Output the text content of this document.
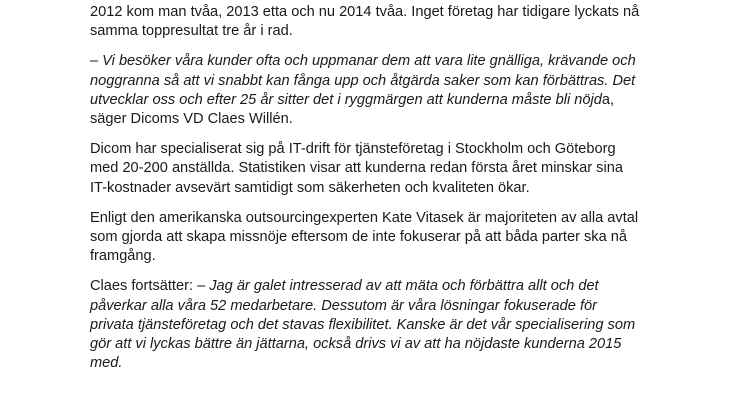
2012 kom man tvåa, 2013 etta och nu 2014 tvåa. Inget företag har tidigare lyckats nå
samma toppresultat tre år i rad.

– Vi besöker våra kunder ofta och uppmanar dem att vara lite gnälliga, krävande och
noggranna så att vi snabbt kan fånga upp och åtgärda saker som kan förbättras. Det
utvecklar oss och efter 25 år sitter det i ryggmärgen att kunderna måste bli nöjda,
säger Dicoms VD Claes Willén.

Dicom har specialiserat sig på IT-drift för tjänsteföretag i Stockholm och Göteborg
med 20-200 anställda. Statistiken visar att kunderna redan första året minskar sina
IT-kostnader avsevärt samtidigt som säkerheten och kvaliteten ökar.

Enligt den amerikanska outsourcingexperten Kate Vitasek är majoriteten av alla avtal
som gjorda att skapa missnöje eftersom de inte fokuserar på att båda parter ska nå
framgång.

Claes fortsätter: – Jag är galet intresserad av att mäta och förbättra allt och det
påverkar alla våra 52 medarbetare. Dessutom är våra lösningar fokuserade för
privata tjänsteföretag och det stavas flexibilitet. Kanske är det vår specialisering som
gör att vi lyckas bättre än jättarna, också drivs vi av att ha nöjdaste kunderna 2015
med.
